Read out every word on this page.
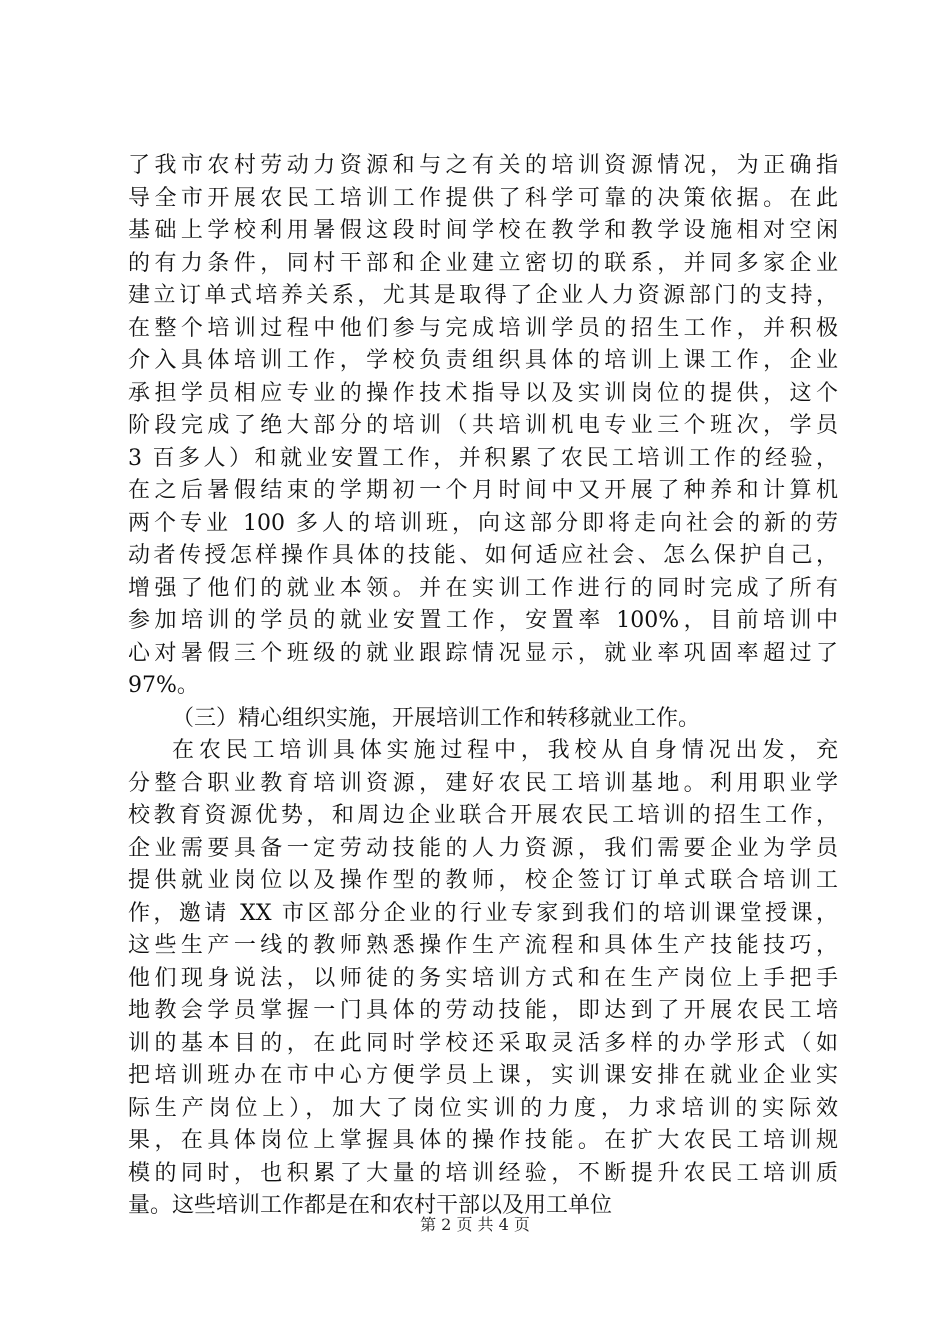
了我市农村劳动力资源和与之有关的培训资源情况，为正确指
导全市开展农民工培训工作提供了科学可靠的决策依据。在此
基础上学校利用暑假这段时间学校在教学和教学设施相对空闲
的有力条件，同村干部和企业建立密切的联系，并同多家企业
建立订单式培养关系，尤其是取得了企业人力资源部门的支持，
在整个培训过程中他们参与完成培训学员的招生工作，并积极
介入具体培训工作，学校负责组织具体的培训上课工作，企业
承担学员相应专业的操作技术指导以及实训岗位的提供，这个
阶段完成了绝大部分的培训（共培训机电专业三个班次，学员
3 百多人）和就业安置工作，并积累了农民工培训工作的经验，
在之后暑假结束的学期初一个月时间中又开展了种养和计算机
两个专业 100 多人的培训班，向这部分即将走向社会的新的劳
动者传授怎样操作具体的技能、如何适应社会、怎么保护自己，
增强了他们的就业本领。并在实训工作进行的同时完成了所有
参加培训的学员的就业安置工作，安置率 100%，目前培训中
心对暑假三个班级的就业跟踪情况显示，就业率巩固率超过了
97%。
（三）精心组织实施，开展培训工作和转移就业工作。
在农民工培训具体实施过程中，我校从自身情况出发，充
分整合职业教育培训资源，建好农民工培训基地。利用职业学
校教育资源优势，和周边企业联合开展农民工培训的招生工作，
企业需要具备一定劳动技能的人力资源，我们需要企业为学员
提供就业岗位以及操作型的教师，校企签订订单式联合培训工
作，邀请 XX 市区部分企业的行业专家到我们的培训课堂授课，
这些生产一线的教师熟悉操作生产流程和具体生产技能技巧，
他们现身说法，以师徒的务实培训方式和在生产岗位上手把手
地教会学员掌握一门具体的劳动技能，即达到了开展农民工培
训的基本目的，在此同时学校还采取灵活多样的办学形式（如
把培训班办在市中心方便学员上课，实训课安排在就业企业实
际生产岗位上），加大了岗位实训的力度，力求培训的实际效
果，在具体岗位上掌握具体的操作技能。在扩大农民工培训规
模的同时，也积累了大量的培训经验，不断提升农民工培训质
量。这些培训工作都是在和农村干部以及用工单位
第 2 页 共 4 页
